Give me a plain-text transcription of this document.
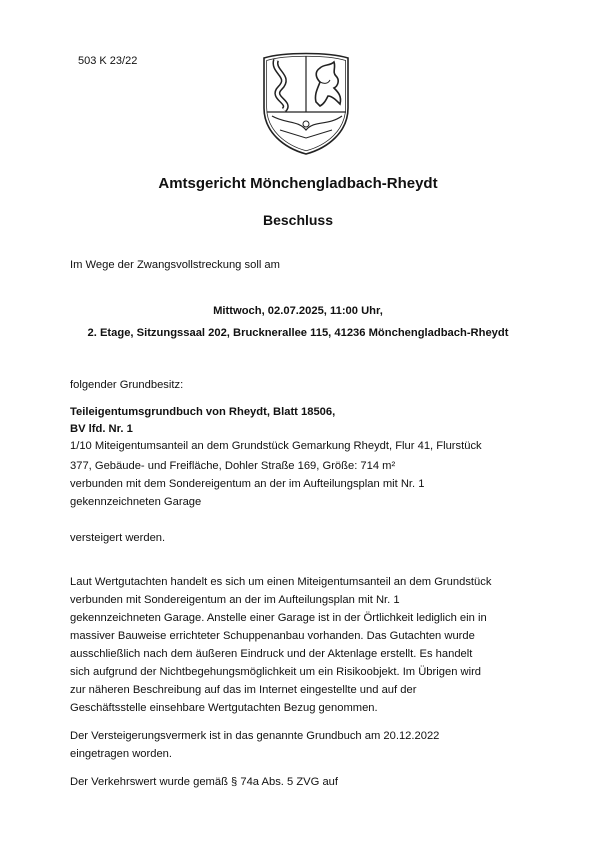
503 K 23/22
Amtsgericht Mönchengladbach-Rheydt
Beschluss
Im Wege der Zwangsvollstreckung soll am
Mittwoch, 02.07.2025, 11:00 Uhr,
2. Etage, Sitzungssaal 202, Brucknerallee 115, 41236 Mönchengladbach-Rheydt
folgender Grundbesitz:
Teileigentumsgrundbuch von Rheydt, Blatt 18506,
BV lfd. Nr. 1
1/10 Miteigentumsanteil an dem Grundstück Gemarkung Rheydt, Flur 41, Flurstück
377, Gebäude- und Freifläche, Dohler Straße 169, Größe: 714 m²
verbunden mit dem Sondereigentum an der im Aufteilungsplan mit Nr. 1
gekennzeichneten Garage
versteigert werden.
Laut Wertgutachten handelt es sich um einen Miteigentumsanteil an dem Grundstück
verbunden mit Sondereigentum an der im Aufteilungsplan mit Nr. 1
gekennzeichneten Garage. Anstelle einer Garage ist in der Örtlichkeit lediglich ein in
massiver Bauweise errichteter Schuppenanbau vorhanden. Das Gutachten wurde
ausschließlich nach dem äußeren Eindruck und der Aktenlage erstellt. Es handelt
sich aufgrund der Nichtbegehungsmöglichkeit um ein Risikoobjekt. Im Übrigen wird
zur näheren Beschreibung auf das im Internet eingestellte und auf der
Geschäftsstelle einsehbare Wertgutachten Bezug genommen.
Der Versteigerungsvermerk ist in das genannte Grundbuch am 20.12.2022
eingetragen worden.
Der Verkehrswert wurde gemäß § 74a Abs. 5 ZVG auf
